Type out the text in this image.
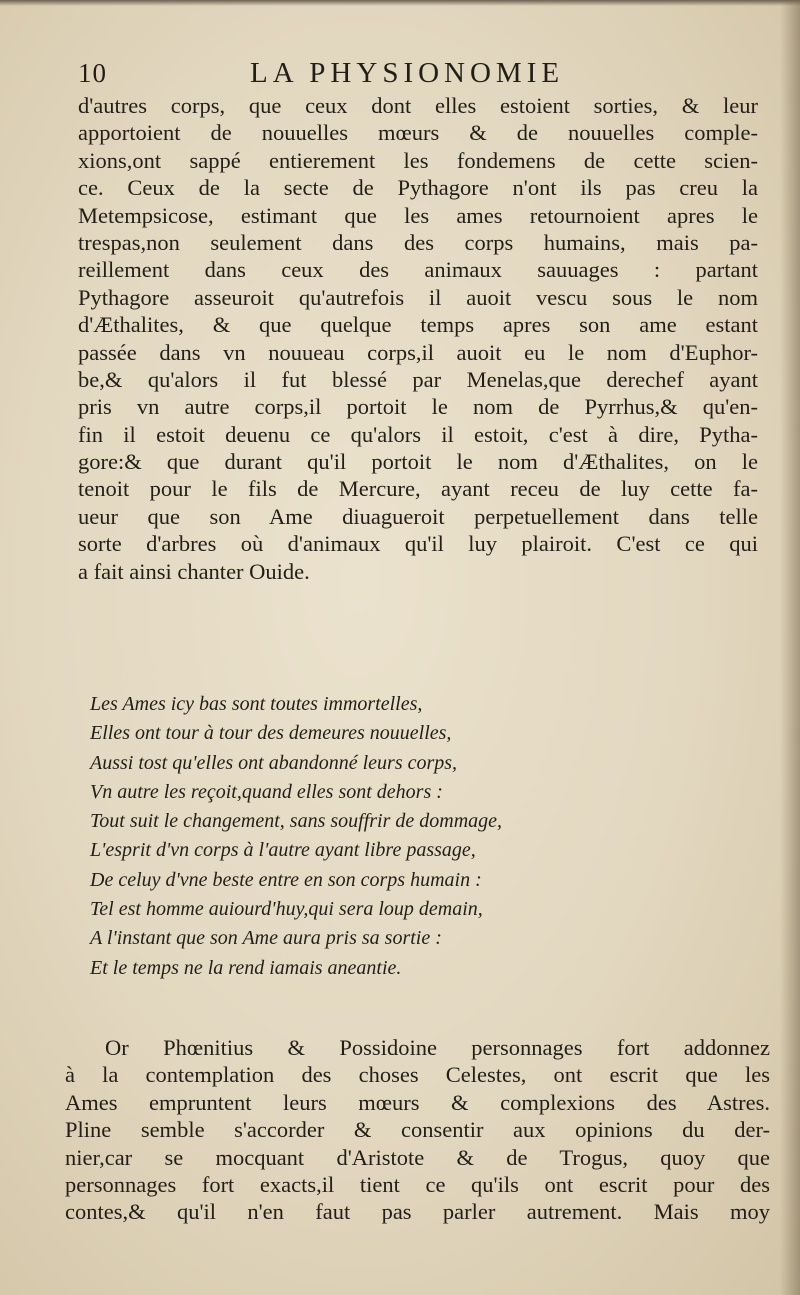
10	LA PHYSIONOMIE
d'autres corps, que ceux dont elles estoient sorties, & leur
apportoient de nouuelles mœurs & de nouuelles comple-
xions,ont sappé entierement les fondemens de cette scien-
ce. Ceux de la secte de Pythagore n'ont ils pas creu la
Metempsicose, estimant que les ames retournoient apres le
trespas,non seulement dans des corps humains, mais pa-
reillement dans ceux des animaux sauuages : partant
Pythagore asseuroit qu'autrefois il auoit vescu sous le nom
d'Æthalites, & que quelque temps apres son ame estant
passée dans vn nouueau corps,il auoit eu le nom d'Euphor-
be,& qu'alors il fut blessé par Menelas,que derechef ayant
pris vn autre corps,il portoit le nom de Pyrrhus,& qu'en-
fin il estoit deuenu ce qu'alors il estoit, c'est à dire, Pytha-
gore:& que durant qu'il portoit le nom d'Æthalites, on le
tenoit pour le fils de Mercure, ayant receu de luy cette fa-
ueur que son Ame diuagueroit perpetuellement dans telle
sorte d'arbres où d'animaux qu'il luy plairoit. C'est ce qui
a fait ainsi chanter Ouide.
Les Ames icy bas sont toutes immortelles,
Elles ont tour à tour des demeures nouuelles,
Aussi tost qu'elles ont abandonné leurs corps,
Vn autre les reçoit,quand elles sont dehors :
Tout suit le changement, sans souffrir de dommage,
L'esprit d'vn corps à l'autre ayant libre passage,
De celuy d'vne beste entre en son corps humain :
Tel est homme auiourd'huy,qui sera loup demain,
A l'instant que son Ame aura pris sa sortie :
Et le temps ne la rend iamais aneantie.
Or Phœnitius & Possidoine personnages fort addonnez
à la contemplation des choses Celestes, ont escrit que les
Ames empruntent leurs mœurs & complexions des Astres.
Pline semble s'accorder & consentir aux opinions du der-
nier,car se mocquant d'Aristote & de Trogus, quoy que
personnages fort exacts,il tient ce qu'ils ont escrit pour des
contes,& qu'il n'en faut pas parler autrement. Mais moy
